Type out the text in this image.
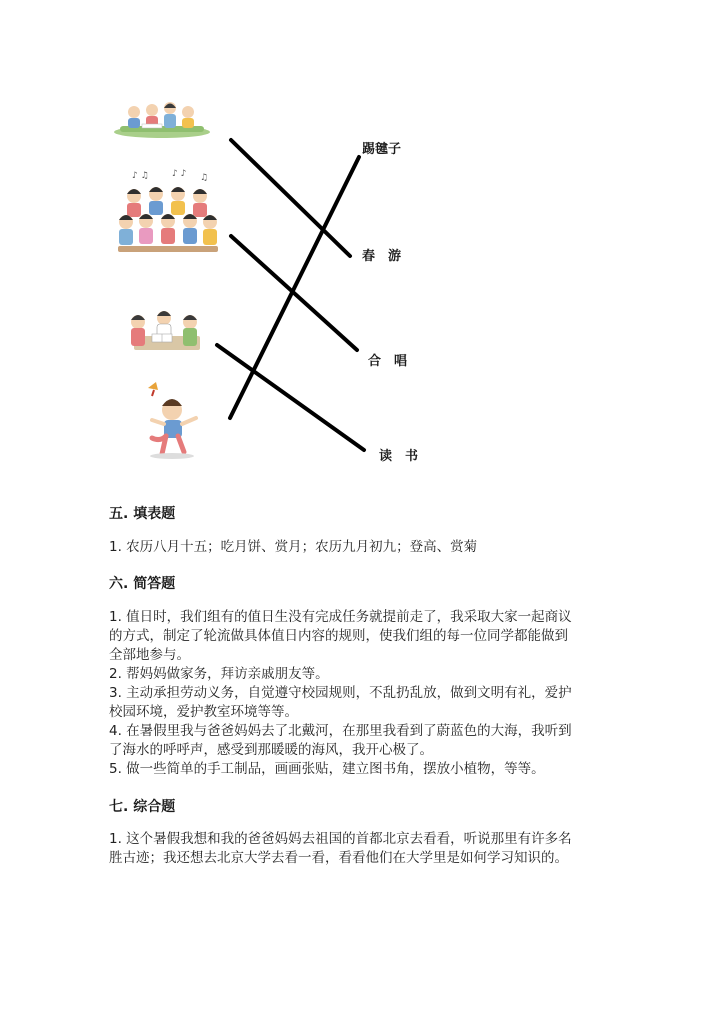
♪ ♫	♪ ♪ ♫
踢毽子
春　游
合　唱
读　书
五. 填表题
1. 农历八月十五；吃月饼、赏月；农历九月初九；登高、赏菊
六. 简答题
1. 值日时，我们组有的值日生没有完成任务就提前走了，我采取大家一起商议
的方式，制定了轮流做具体值日内容的规则，使我们组的每一位同学都能做到
全部地参与。
2. 帮妈妈做家务，拜访亲戚朋友等。
3. 主动承担劳动义务，自觉遵守校园规则，不乱扔乱放，做到文明有礼，爱护
校园环境，爱护教室环境等等。
4. 在暑假里我与爸爸妈妈去了北戴河，在那里我看到了蔚蓝色的大海，我听到
了海水的呼呼声，感受到那暖暖的海风，我开心极了。
5. 做一些简单的手工制品，画画张贴，建立图书角，摆放小植物，等等。
七. 综合题
1. 这个暑假我想和我的爸爸妈妈去祖国的首都北京去看看，听说那里有许多名
胜古迹；我还想去北京大学去看一看，看看他们在大学里是如何学习知识的。
